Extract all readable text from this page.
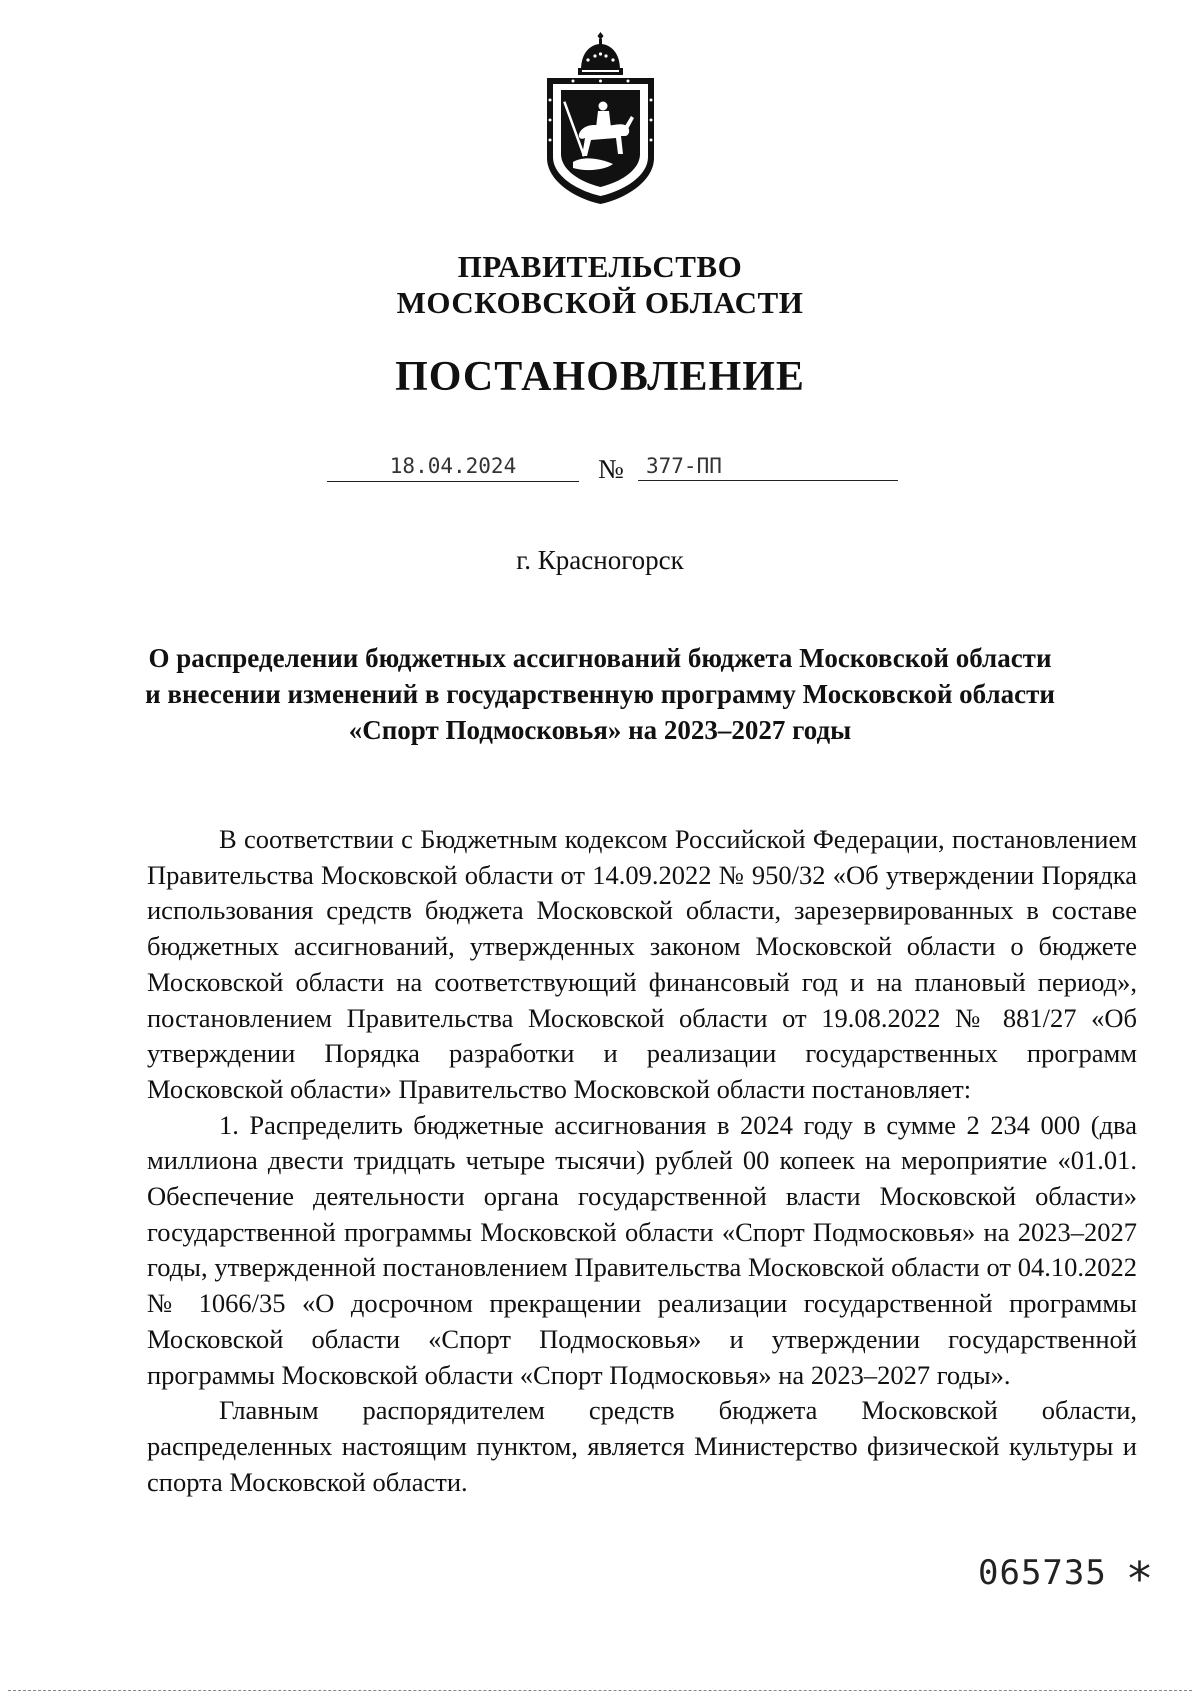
ПРАВИТЕЛЬСТВО
МОСКОВСКОЙ ОБЛАСТИ
ПОСТАНОВЛЕНИЕ
18.04.2024	№	377-ПП
г. Красногорск
О распределении бюджетных ассигнований бюджета Московской области
и внесении изменений в государственную программу Московской области
«Спорт Подмосковья» на 2023–2027 годы

В соответствии с Бюджетным кодексом Российской Федерации, постановлением Правительства Московской области от 14.09.2022 № 950/32 «Об утверждении Порядка использования средств бюджета Московской области, зарезервированных в составе бюджетных ассигнований, утвержденных законом Московской области о бюджете Московской области на соответствующий финансовый год и на плановый период», постановлением Правительства Московской области от 19.08.2022 № 881/27 «Об утверждении Порядка разработки и реализации государственных программ Московской области» Правительство Московской области постановляет:

1. Распределить бюджетные ассигнования в 2024 году в сумме 2 234 000 (два миллиона двести тридцать четыре тысячи) рублей 00 копеек на мероприятие «01.01. Обеспечение деятельности органа государственной власти Московской области» государственной программы Московской области «Спорт Подмосковья» на 2023–2027 годы, утвержденной постановлением Правительства Московской области от 04.10.2022 № 1066/35 «О досрочном прекращении реализации государственной программы Московской области «Спорт Подмосковья» и утверждении государственной программы Московской области «Спорт Подмосковья» на 2023–2027 годы».

Главным распорядителем средств бюджета Московской области, распределенных настоящим пунктом, является Министерство физической культуры и спорта Московской области.

065735 *
